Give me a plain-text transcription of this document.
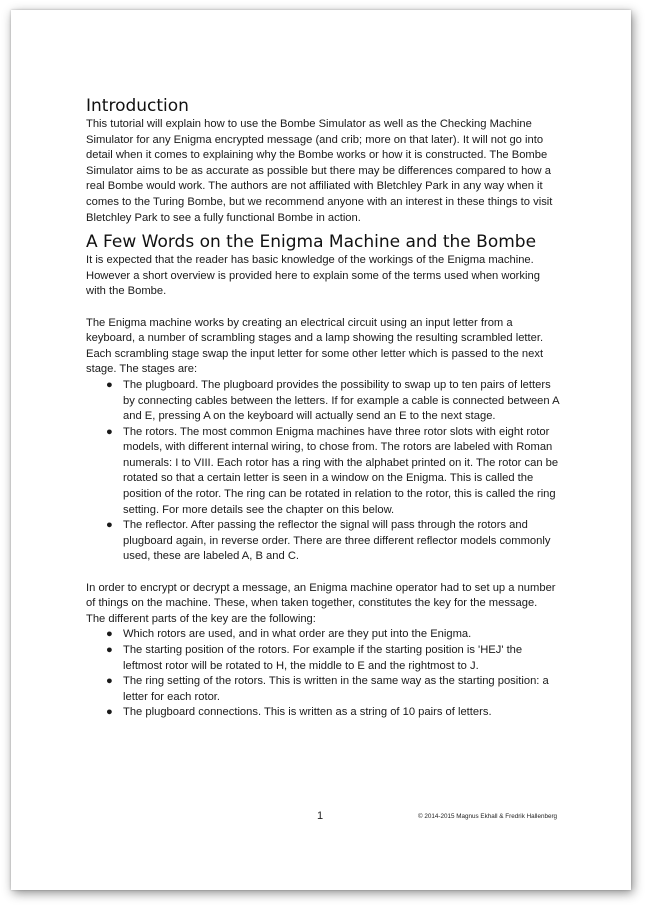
Introduction

This tutorial will explain how to use the Bombe Simulator as well as the Checking Machine Simulator for any Enigma encrypted message (and crib; more on that later). It will not go into detail when it comes to explaining why the Bombe works or how it is constructed. The Bombe Simulator aims to be as accurate as possible but there may be differences compared to how a real Bombe would work. The authors are not affiliated with Bletchley Park in any way when it comes to the Turing Bombe, but we recommend anyone with an interest in these things to visit Bletchley Park to see a fully functional Bombe in action.

A Few Words on the Enigma Machine and the Bombe

It is expected that the reader has basic knowledge of the workings of the Enigma machine. However a short overview is provided here to explain some of the terms used when working with the Bombe.

The Enigma machine works by creating an electrical circuit using an input letter from a keyboard, a number of scrambling stages and a lamp showing the resulting scrambled letter. Each scrambling stage swap the input letter for some other letter which is passed to the next stage. The stages are:

● The plugboard. The plugboard provides the possibility to swap up to ten pairs of letters by connecting cables between the letters. If for example a cable is connected between A and E, pressing A on the keyboard will actually send an E to the next stage.
● The rotors. The most common Enigma machines have three rotor slots with eight rotor models, with different internal wiring, to chose from. The rotors are labeled with Roman numerals: I to VIII. Each rotor has a ring with the alphabet printed on it. The rotor can be rotated so that a certain letter is seen in a window on the Enigma. This is called the position of the rotor. The ring can be rotated in relation to the rotor, this is called the ring setting. For more details see the chapter on this below.
● The reflector. After passing the reflector the signal will pass through the rotors and plugboard again, in reverse order. There are three different reflector models commonly used, these are labeled A, B and C.

In order to encrypt or decrypt a message, an Enigma machine operator had to set up a number of things on the machine. These, when taken together, constitutes the key for the message.

The different parts of the key are the following:

● Which rotors are used, and in what order are they put into the Enigma.
● The starting position of the rotors. For example if the starting position is 'HEJ' the leftmost rotor will be rotated to H, the middle to E and the rightmost to J.
● The ring setting of the rotors. This is written in the same way as the starting position: a letter for each rotor.
● The plugboard connections. This is written as a string of 10 pairs of letters.
1	© 2014-2015 Magnus Ekhall & Fredrik Hallenberg
